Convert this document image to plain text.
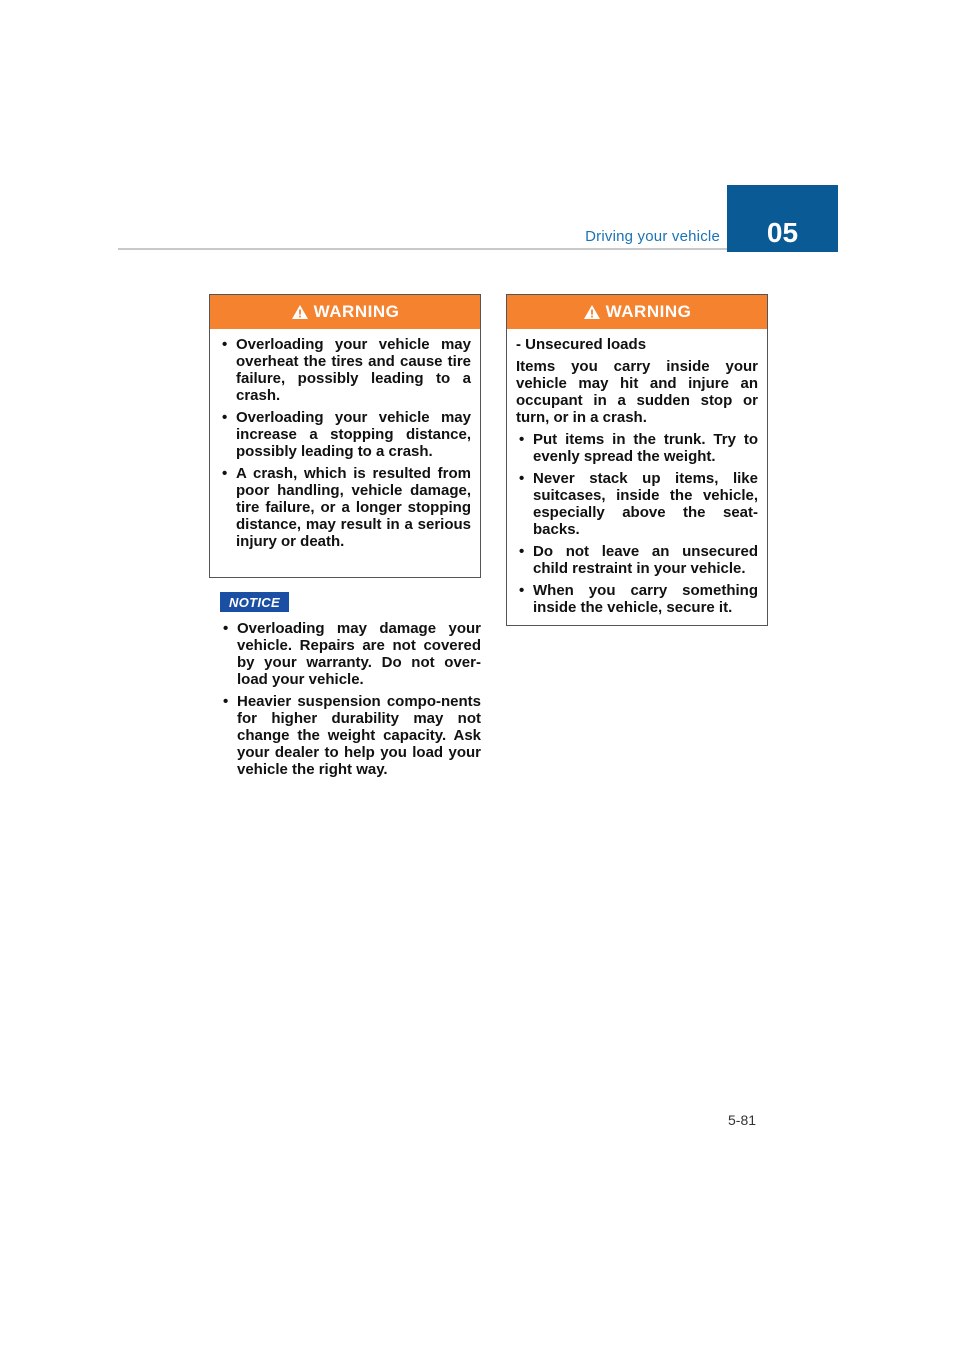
Driving your vehicle	05
WARNING
• Overloading your vehicle may overheat the tires and cause tire failure, possibly leading to a crash.
• Overloading your vehicle may increase a stopping distance, possibly leading to a crash.
• A crash, which is resulted from poor handling, vehicle damage, tire failure, or a longer stopping distance, may result in a serious injury or death.
NOTICE
• Overloading may damage your vehicle. Repairs are not covered by your warranty. Do not over-load your vehicle.
• Heavier suspension compo-nents for higher durability may not change the weight capacity. Ask your dealer to help you load your vehicle the right way.
WARNING

- Unsecured loads

Items you carry inside your vehicle may hit and injure an occupant in a sudden stop or turn, or in a crash.

• Put items in the trunk. Try to evenly spread the weight.
• Never stack up items, like suitcases, inside the vehicle, especially above the seat-backs.
• Do not leave an unsecured child restraint in your vehicle.
• When you carry something inside the vehicle, secure it.
5-81
